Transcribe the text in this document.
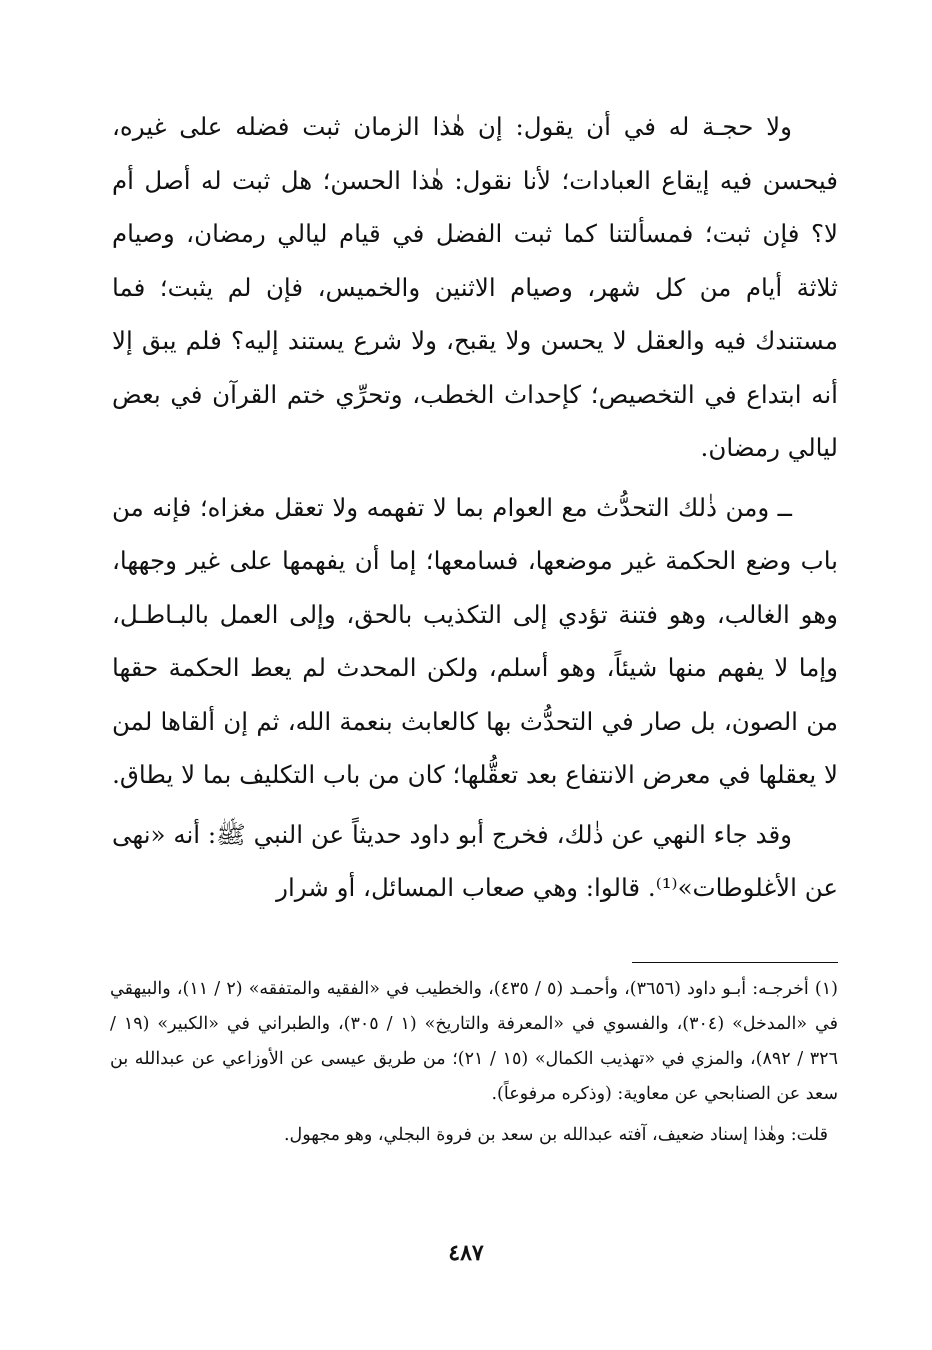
ولا حجـة له في أن يقول: إن هٰذا الزمان ثبت فضله على غيره، فيحسن فيه إيقاع العبادات؛ لأنا نقول: هٰذا الحسن؛ هل ثبت له أصل أم لا؟ فإن ثبت؛ فمسألتنا كما ثبت الفضل في قيام ليالي رمضان، وصيام ثلاثة أيام من كل شهر، وصيام الاثنين والخميس، فإن لم يثبت؛ فما مستندك فيه والعقل لا يحسن ولا يقبح، ولا شرع يستند إليه؟ فلم يبق إلا أنه ابتداع في التخصيص؛ كإحداث الخطب، وتحرِّي ختم القرآن في بعض ليالي رمضان.

ــ ومن ذٰلك التحدُّث مع العوام بما لا تفهمه ولا تعقل مغزاه؛ فإنه من باب وضع الحكمة غير موضعها، فسامعها؛ إما أن يفهمها على غير وجهها، وهو الغالب، وهو فتنة تؤدي إلى التكذيب بالحق، وإلى العمل بالبـاطـل، وإما لا يفهم منها شيئاً، وهو أسلم، ولكن المحدث لم يعط الحكمة حقها من الصون، بل صار في التحدُّث بها كالعابث بنعمة الله، ثم إن ألقاها لمن لا يعقلها في معرض الانتفاع بعد تعقُّلها؛ كان من باب التكليف بما لا يطاق.

وقد جاء النهي عن ذٰلك، فخرج أبو داود حديثاً عن النبي ﷺ: أنه «نهى عن الأغلوطات»⁽¹⁾. قالوا: وهي صعاب المسائل، أو شرار

(١) أخرجـه: أبـو داود (٣٦٥٦)، وأحمـد (٥ / ٤٣٥)، والخطيب في «الفقيه والمتفقه» (٢ / ١١)، والبيهقي في «المدخل» (٣٠٤)، والفسوي في «المعرفة والتاريخ» (١ / ٣٠٥)، والطبراني في «الكبير» (١٩ / ٣٢٦ / ٨٩٢)، والمزي في «تهذيب الكمال» (١٥ / ٢١)؛ من طريق عيسى عن الأوزاعي عن عبدالله بن سعد عن الصنابحي عن معاوية: (وذكره مرفوعاً).

قلت: وهٰذا إسناد ضعيف، آفته عبدالله بن سعد بن فروة البجلي، وهو مجهول.

٤٨٧
